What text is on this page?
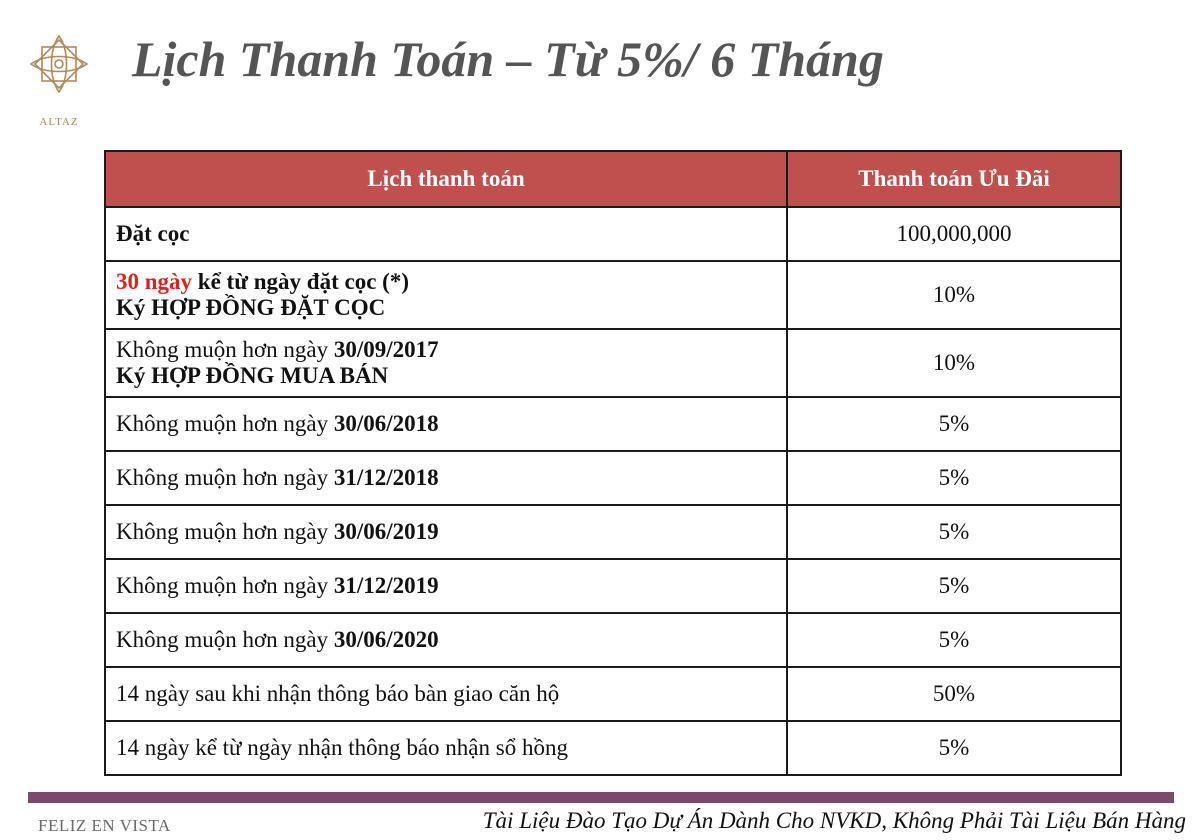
ALTAZ
Lịch Thanh Toán – Từ 5%/ 6 Tháng
Lịch thanh toán	Thanh toán Ưu Đãi

Đặt cọc	100,000,000

30 ngày kể từ ngày đặt cọc (*)
Ký HỢP ĐỒNG ĐẶT CỌC	10%

Không muộn hơn ngày 30/09/2017
Ký HỢP ĐỒNG MUA BÁN	10%

Không muộn hơn ngày 30/06/2018	5%

Không muộn hơn ngày 31/12/2018	5%

Không muộn hơn ngày 30/06/2019	5%

Không muộn hơn ngày 31/12/2019	5%

Không muộn hơn ngày 30/06/2020	5%

14 ngày sau khi nhận thông báo bàn giao căn hộ	50%

14 ngày kể từ ngày nhận thông báo nhận sổ hồng	5%
FELIZ EN VISTA	Tài Liệu Đào Tạo Dự Án Dành Cho NVKD, Không Phải Tài Liệu Bán Hàng
